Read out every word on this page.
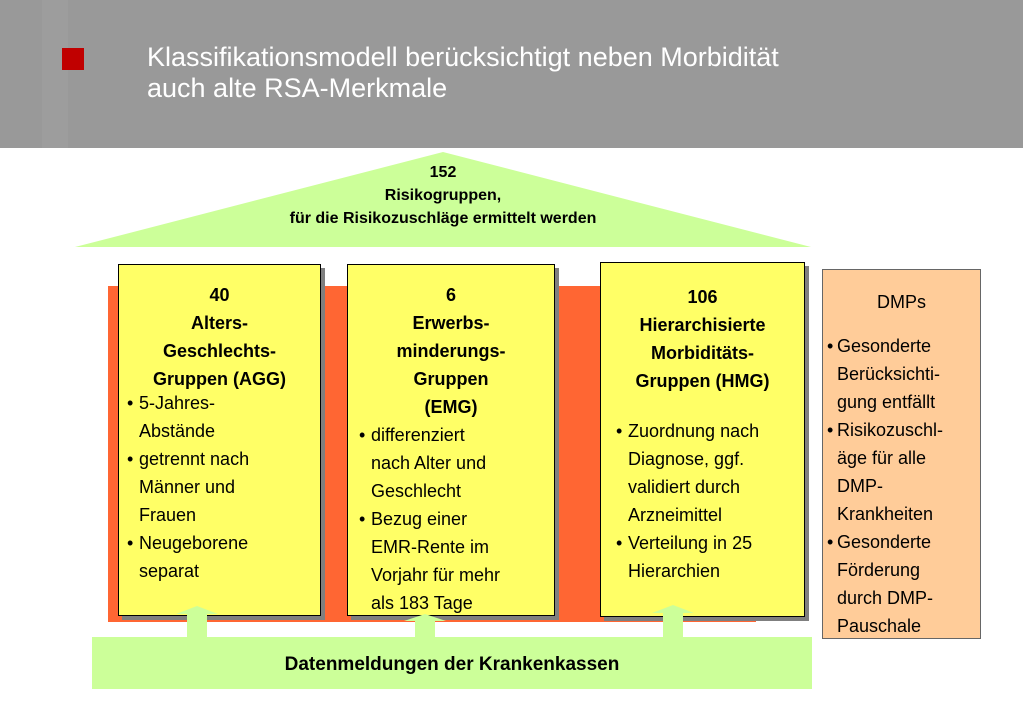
Klassifikationsmodell berücksichtigt neben Morbidität
auch alte RSA-Merkmale
152
Risikogruppen,
für die Risikozuschläge ermittelt werden
40
Alters-
Geschlechts-
Gruppen (AGG)
• 5-Jahres-
Abstände
• getrennt nach
Männer und
Frauen
• Neugeborene
separat
6
Erwerbs-
minderungs-
Gruppen
(EMG)
• differenziert
nach Alter und
Geschlecht
• Bezug einer
EMR-Rente im
Vorjahr für mehr
als 183 Tage
106
Hierarchisierte
Morbiditäts-
Gruppen (HMG)
• Zuordnung nach
Diagnose, ggf.
validiert durch
Arzneimittel
• Verteilung in 25
Hierarchien
DMPs
• Gesonderte
Berücksichti-
gung entfällt
• Risikozuschl-
äge für alle
DMP-
Krankheiten
• Gesonderte
Förderung
durch DMP-
Pauschale
Datenmeldungen der Krankenkassen
